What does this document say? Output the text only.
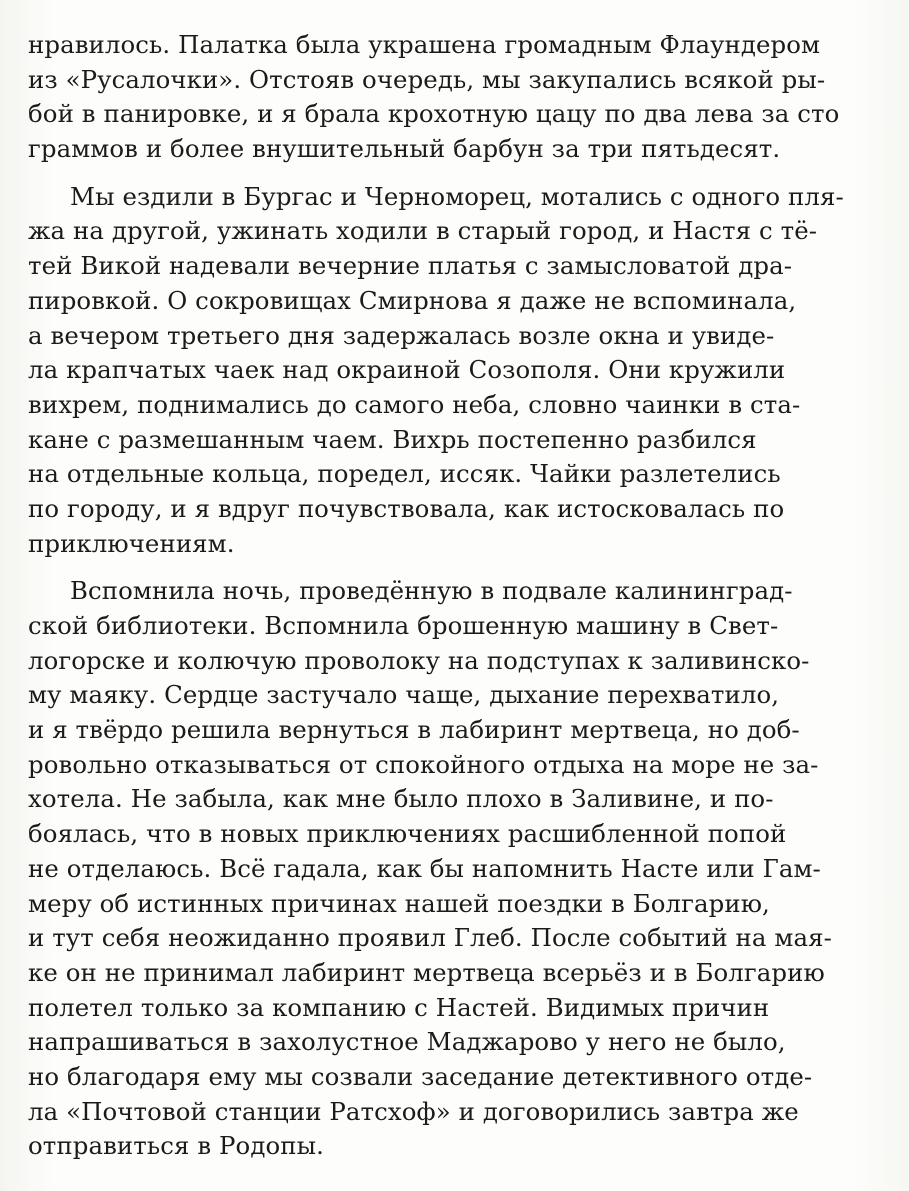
нравилось. Палатка была украшена громадным Флаундером
из «Русалочки». Отстояв очередь, мы закупались всякой ры-
бой в панировке, и я брала крохотную цацу по два лева за сто
граммов и более внушительный барбун за три пятьдесят.
Мы ездили в Бургас и Черноморец, мотались с одного пля-
жа на другой, ужинать ходили в старый город, и Настя с тё-
тей Викой надевали вечерние платья с замысловатой дра-
пировкой. О сокровищах Смирнова я даже не вспоминала,
а вечером третьего дня задержалась возле окна и увиде-
ла крапчатых чаек над окраиной Созополя. Они кружили
вихрем, поднимались до самого неба, словно чаинки в ста-
кане с размешанным чаем. Вихрь постепенно разбился
на отдельные кольца, поредел, иссяк. Чайки разлетелись
по городу, и я вдруг почувствовала, как истосковалась по
приключениям.
Вспомнила ночь, проведённую в подвале калининград-
ской библиотеки. Вспомнила брошенную машину в Свет-
логорске и колючую проволоку на подступах к заливинско-
му маяку. Сердце застучало чаще, дыхание перехватило,
и я твёрдо решила вернуться в лабиринт мертвеца, но доб-
ровольно отказываться от спокойного отдыха на море не за-
хотела. Не забыла, как мне было плохо в Заливине, и по-
боялась, что в новых приключениях расшибленной попой
не отделаюсь. Всё гадала, как бы напомнить Насте или Гам-
меру об истинных причинах нашей поездки в Болгарию,
и тут себя неожиданно проявил Глеб. После событий на мая-
ке он не принимал лабиринт мертвеца всерьёз и в Болгарию
полетел только за компанию с Настей. Видимых причин
напрашиваться в захолустное Маджарово у него не было,
но благодаря ему мы созвали заседание детективного отде-
ла «Почтовой станции Ратсхоф» и договорились завтра же
отправиться в Родопы.
